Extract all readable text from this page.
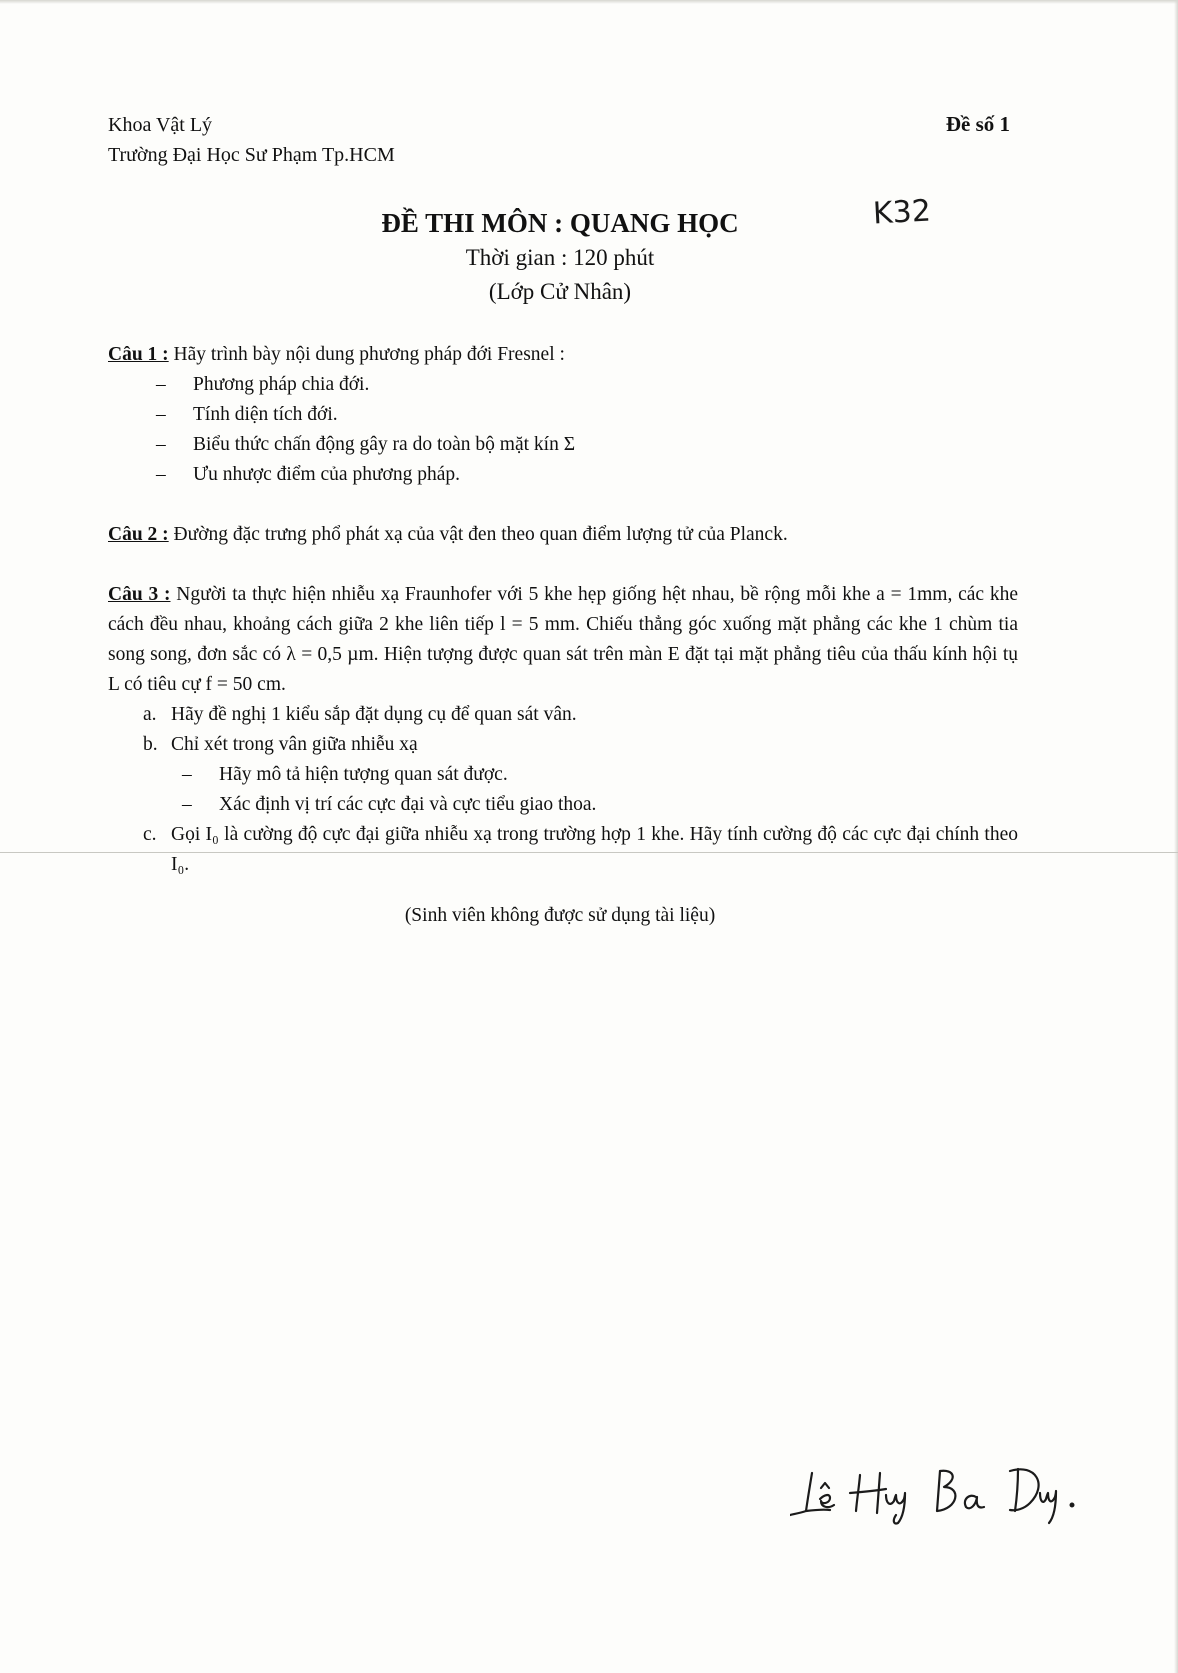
Khoa Vật Lý
Trường Đại Học Sư Phạm Tp.HCM
Đề số 1
K32
ĐỀ THI MÔN : QUANG HỌC
Thời gian : 120 phút
(Lớp Cử Nhân)

Câu 1 : Hãy trình bày nội dung phương pháp đới Fresnel :

– Phương pháp chia đới.
– Tính diện tích đới.
– Biểu thức chấn động gây ra do toàn bộ mặt kín Σ
– Ưu nhược điểm của phương pháp.

Câu 2 : Đường đặc trưng phổ phát xạ của vật đen theo quan điểm lượng tử của Planck.

Câu 3 : Người ta thực hiện nhiễu xạ Fraunhofer với 5 khe hẹp giống hệt nhau, bề rộng mỗi khe a = 1mm, các khe cách đều nhau, khoảng cách giữa 2 khe liên tiếp l = 5 mm. Chiếu thẳng góc xuống mặt phẳng các khe 1 chùm tia song song, đơn sắc có λ = 0,5 µm. Hiện tượng được quan sát trên màn E đặt tại mặt phẳng tiêu của thấu kính hội tụ L có tiêu cự f = 50 cm.

a. Hãy đề nghị 1 kiểu sắp đặt dụng cụ để quan sát vân.
b. Chỉ xét trong vân giữa nhiễu xạ
– Hãy mô tả hiện tượng quan sát được.
– Xác định vị trí các cực đại và cực tiểu giao thoa.
c. Gọi I₀ là cường độ cực đại giữa nhiễu xạ trong trường hợp 1 khe. Hãy tính cường độ các cực đại chính theo I₀.
(Sinh viên không được sử dụng tài liệu)
